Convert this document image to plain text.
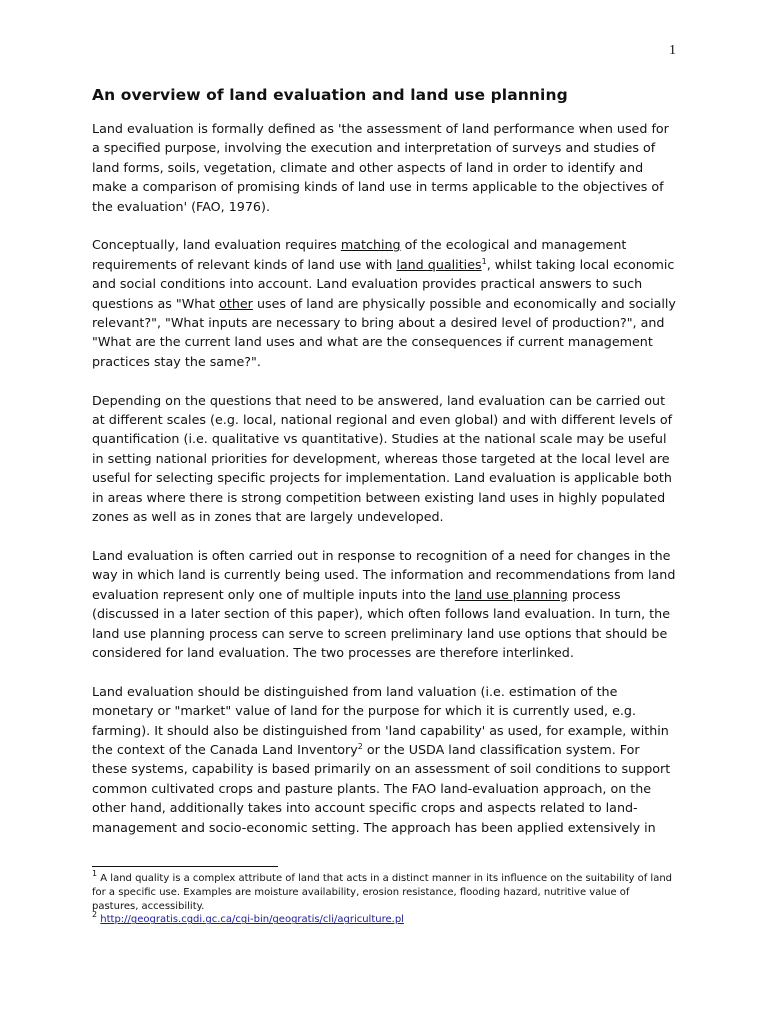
1
An overview of land evaluation and land use planning

Land evaluation is formally defined as 'the assessment of land performance when used for a specified purpose, involving the execution and interpretation of surveys and studies of land forms, soils, vegetation, climate and other aspects of land in order to identify and make a comparison of promising kinds of land use in terms applicable to the objectives of the evaluation' (FAO, 1976).

Conceptually, land evaluation requires matching of the ecological and management requirements of relevant kinds of land use with land qualities$^1$, whilst taking local economic and social conditions into account. Land evaluation provides practical answers to such questions as "What other uses of land are physically possible and economically and socially relevant?", "What inputs are necessary to bring about a desired level of production?", and "What are the current land uses and what are the consequences if current management practices stay the same?".

Depending on the questions that need to be answered, land evaluation can be carried out at different scales (e.g. local, national regional and even global) and with different levels of quantification (i.e. qualitative vs quantitative). Studies at the national scale may be useful in setting national priorities for development, whereas those targeted at the local level are useful for selecting specific projects for implementation. Land evaluation is applicable both in areas where there is strong competition between existing land uses in highly populated zones as well as in zones that are largely undeveloped.

Land evaluation is often carried out in response to recognition of a need for changes in the way in which land is currently being used. The information and recommendations from land evaluation represent only one of multiple inputs into the land use planning process (discussed in a later section of this paper), which often follows land evaluation. In turn, the land use planning process can serve to screen preliminary land use options that should be considered for land evaluation. The two processes are therefore interlinked.

Land evaluation should be distinguished from land valuation (i.e. estimation of the monetary or "market" value of land for the purpose for which it is currently used, e.g. farming). It should also be distinguished from 'land capability' as used, for example, within the context of the Canada Land Inventory$^2$ or the USDA land classification system. For these systems, capability is based primarily on an assessment of soil conditions to support common cultivated crops and pasture plants. The FAO land-evaluation approach, on the other hand, additionally takes into account specific crops and aspects related to land-management and socio-economic setting. The approach has been applied extensively in

$^1$ A land quality is a complex attribute of land that acts in a distinct manner in its influence on the suitability of land for a specific use. Examples are moisture availability, erosion resistance, flooding hazard, nutritive value of pastures, accessibility.

$^2$ http://geogratis.cgdi.gc.ca/cgi-bin/geogratis/cli/agriculture.pl
